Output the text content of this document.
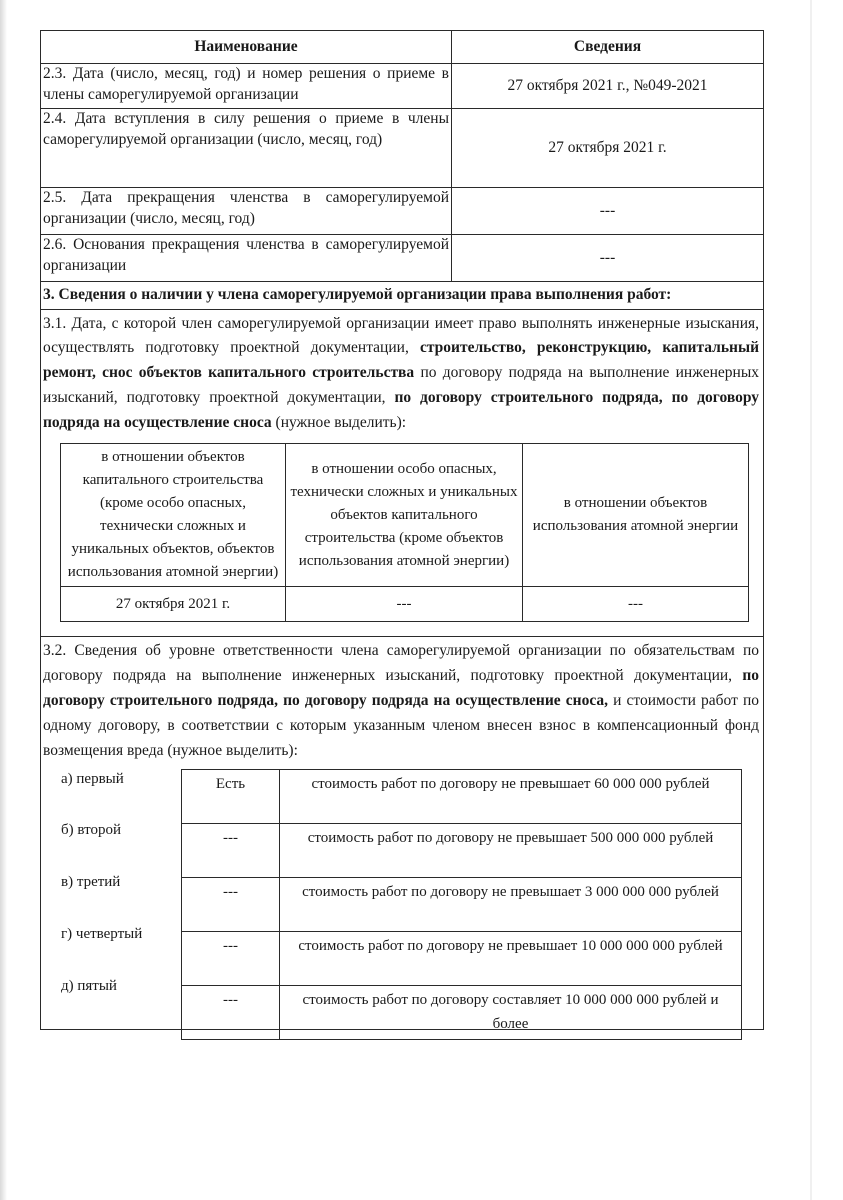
Наименование	Сведения
2.3. Дата (число, месяц, год) и номер решения о приеме в члены саморегулируемой организации	27 октября 2021 г., №049-2021
2.4. Дата вступления в силу решения о приеме в члены саморегулируемой организации (число, месяц, год)	27 октября 2021 г.
2.5. Дата прекращения членства в саморегулируемой организации (число, месяц, год)	---
2.6. Основания прекращения членства в саморегулируемой организации	---
3. Сведения о наличии у члена саморегулируемой организации права выполнения работ:

3.1. Дата, с которой член саморегулируемой организации имеет право выполнять инженерные изыскания, осуществлять подготовку проектной документации, строительство, реконструкцию, капитальный ремонт, снос объектов капитального строительства по договору подряда на выполнение инженерных изысканий, подготовку проектной документации, по договору строительного подряда, по договору подряда на осуществление сноса (нужное выделить):
в отношении объектов капитального строительства (кроме особо опасных, технически сложных и уникальных объектов, объектов использования атомной энергии)	в отношении особо опасных, технически сложных и уникальных объектов капитального строительства (кроме объектов использования атомной энергии)	в отношении объектов использования атомной энергии
27 октября 2021 г.	---	---

3.2. Сведения об уровне ответственности члена саморегулируемой организации по обязательствам по договору подряда на выполнение инженерных изысканий, подготовку проектной документации, по договору строительного подряда, по договору подряда на осуществление сноса, и стоимости работ по одному договору, в соответствии с которым указанным членом внесен взнос в компенсационный фонд возмещения вреда (нужное выделить):
а) первый
б) второй
в) третий
г) четвертый
д) пятый
Есть	стоимость работ по договору не превышает 60 000 000 рублей
---	стоимость работ по договору не превышает 500 000 000 рублей
---	стоимость работ по договору не превышает 3 000 000 000 рублей
---	стоимость работ по договору не превышает 10 000 000 000 рублей
---	стоимость работ по договору составляет 10 000 000 000 рублей и более
